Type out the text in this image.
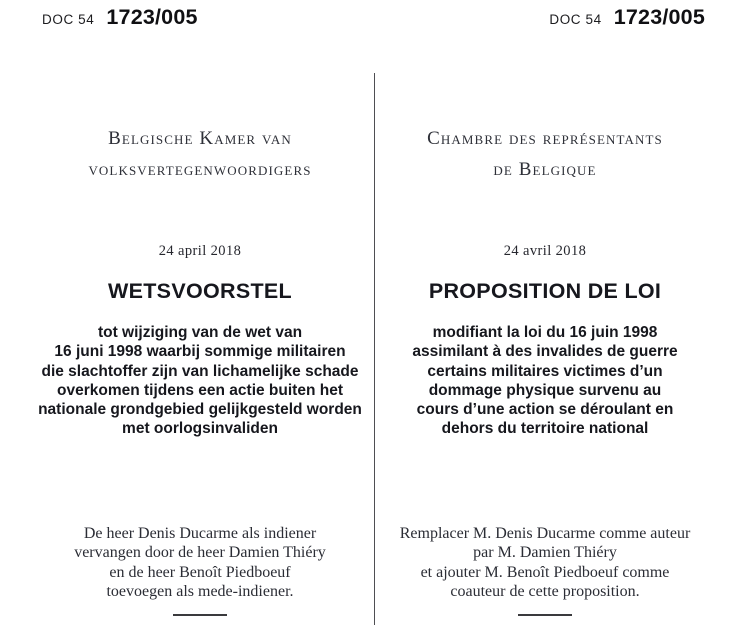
DOC 54 1723/005	DOC 54 1723/005
Belgische Kamer van
volksvertegenwoordigers
24 april 2018
WETSVOORSTEL
tot wijziging van de wet van
16 juni 1998 waarbij sommige militairen
die slachtoffer zijn van lichamelijke schade
overkomen tijdens een actie buiten het
nationale grondgebied gelijkgesteld worden
met oorlogsinvaliden
De heer Denis Ducarme als indiener
vervangen door de heer Damien Thiéry
en de heer Benoît Piedboeuf
toevoegen als mede-indiener.
Chambre des représentants
de Belgique
24 avril 2018
PROPOSITION DE LOI
modifiant la loi du 16 juin 1998
assimilant à des invalides de guerre
certains militaires victimes d’un
dommage physique survenu au
cours d’une action se déroulant en
dehors du territoire national
Remplacer M. Denis Ducarme comme auteur
par M. Damien Thiéry
et ajouter M. Benoît Piedboeuf comme
coauteur de cette proposition.
